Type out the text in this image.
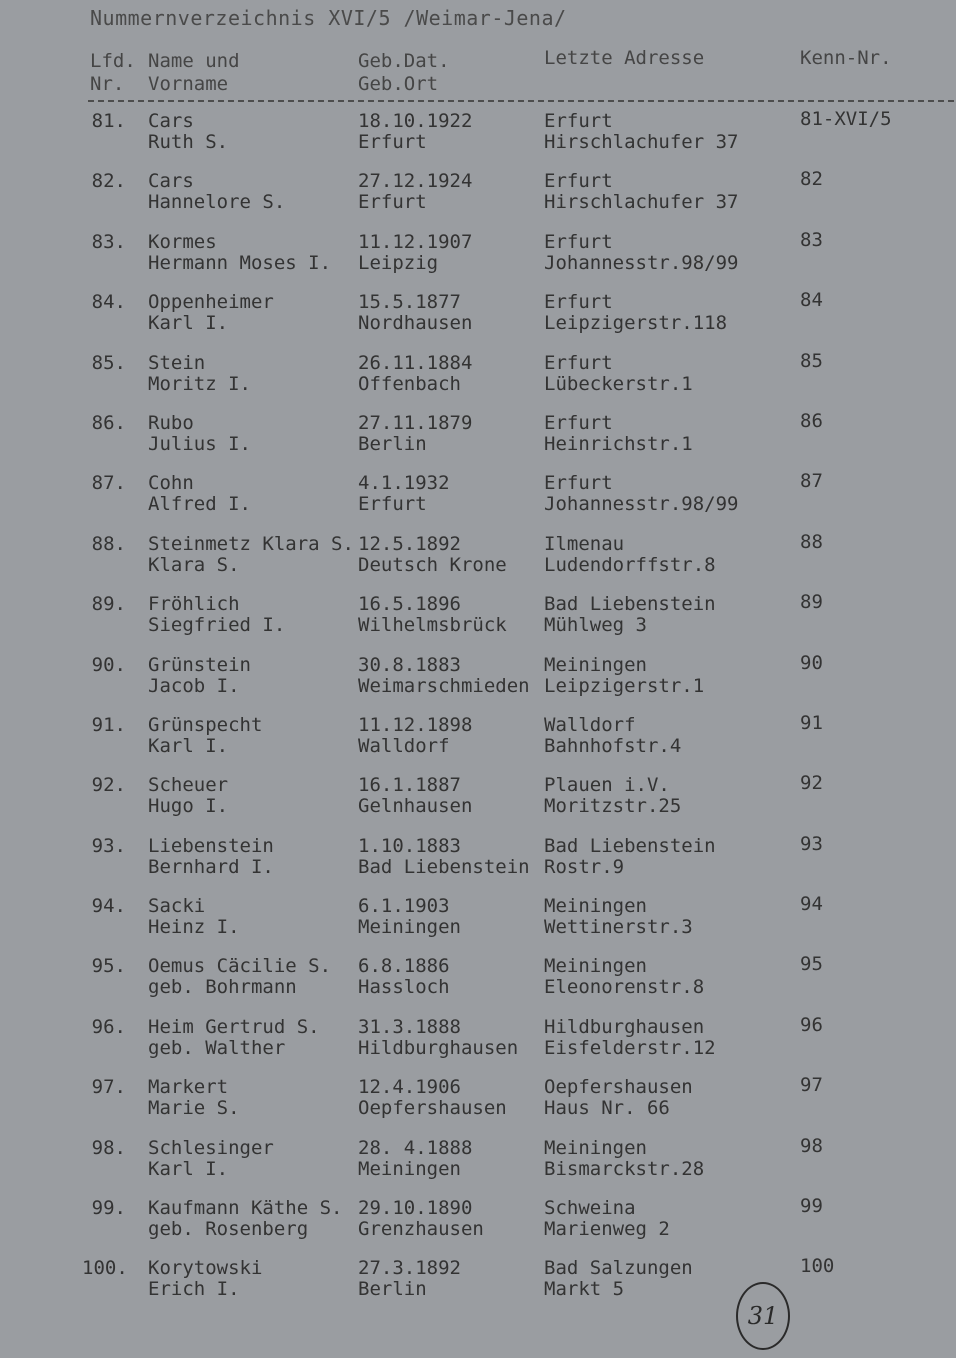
Nummernverzeichnis XVI/5 /Weimar-Jena/
Lfd.
Nr.
Name und
Vorname
Geb.Dat.
Geb.Ort
Letzte Adresse	Kenn-Nr.
81. Cars
Ruth S.
18.10.1922
Erfurt
Erfurt
Hirschlachufer 37
81-XVI/5
82. Cars
Hannelore S.
27.12.1924
Erfurt
Erfurt
Hirschlachufer 37
82
83. Kormes
Hermann Moses I.
11.12.1907
Leipzig
Erfurt
Johannesstr.98/99
83
84. Oppenheimer
Karl I.
15.5.1877
Nordhausen
Erfurt
Leipzigerstr.118
84
85. Stein
Moritz I.
26.11.1884
Offenbach
Erfurt
Lübeckerstr.1
85
86. Rubo
Julius I.
27.11.1879
Berlin
Erfurt
Heinrichstr.1
86
87. Cohn
Alfred I.
4.1.1932
Erfurt
Erfurt
Johannesstr.98/99
87
88. Steinmetz Klara S.
Klara S.
12.5.1892
Deutsch Krone
Ilmenau
Ludendorffstr.8
88
89. Fröhlich
Siegfried I.
16.5.1896
Wilhelmsbrück
Bad Liebenstein
Mühlweg 3
89
90. Grünstein
Jacob I.
30.8.1883
Weimarschmieden
Meiningen
Leipzigerstr.1
90
91. Grünspecht
Karl I.
11.12.1898
Walldorf
Walldorf
Bahnhofstr.4
91
92. Scheuer
Hugo I.
16.1.1887
Gelnhausen
Plauen i.V.
Moritzstr.25
92
93. Liebenstein
Bernhard I.
1.10.1883
Bad Liebenstein
Bad Liebenstein
Rostr.9
93
94. Sacki
Heinz I.
6.1.1903
Meiningen
Meiningen
Wettinerstr.3
94
95. Oemus Cäcilie S.
geb. Bohrmann
6.8.1886
Hassloch
Meiningen
Eleonorenstr.8
95
96. Heim Gertrud S.
geb. Walther
31.3.1888
Hildburghausen
Hildburghausen
Eisfelderstr.12
96
97. Markert
Marie S.
12.4.1906
Oepfershausen
Oepfershausen
Haus Nr. 66
97
98. Schlesinger
Karl I.
28. 4.1888
Meiningen
Meiningen
Bismarckstr.28
98
99. Kaufmann Käthe S.
geb. Rosenberg
29.10.1890
Grenzhausen
Schweina
Marienweg 2
99
100. Korytowski
Erich I.
27.3.1892
Berlin
Bad Salzungen
Markt 5
100
31
